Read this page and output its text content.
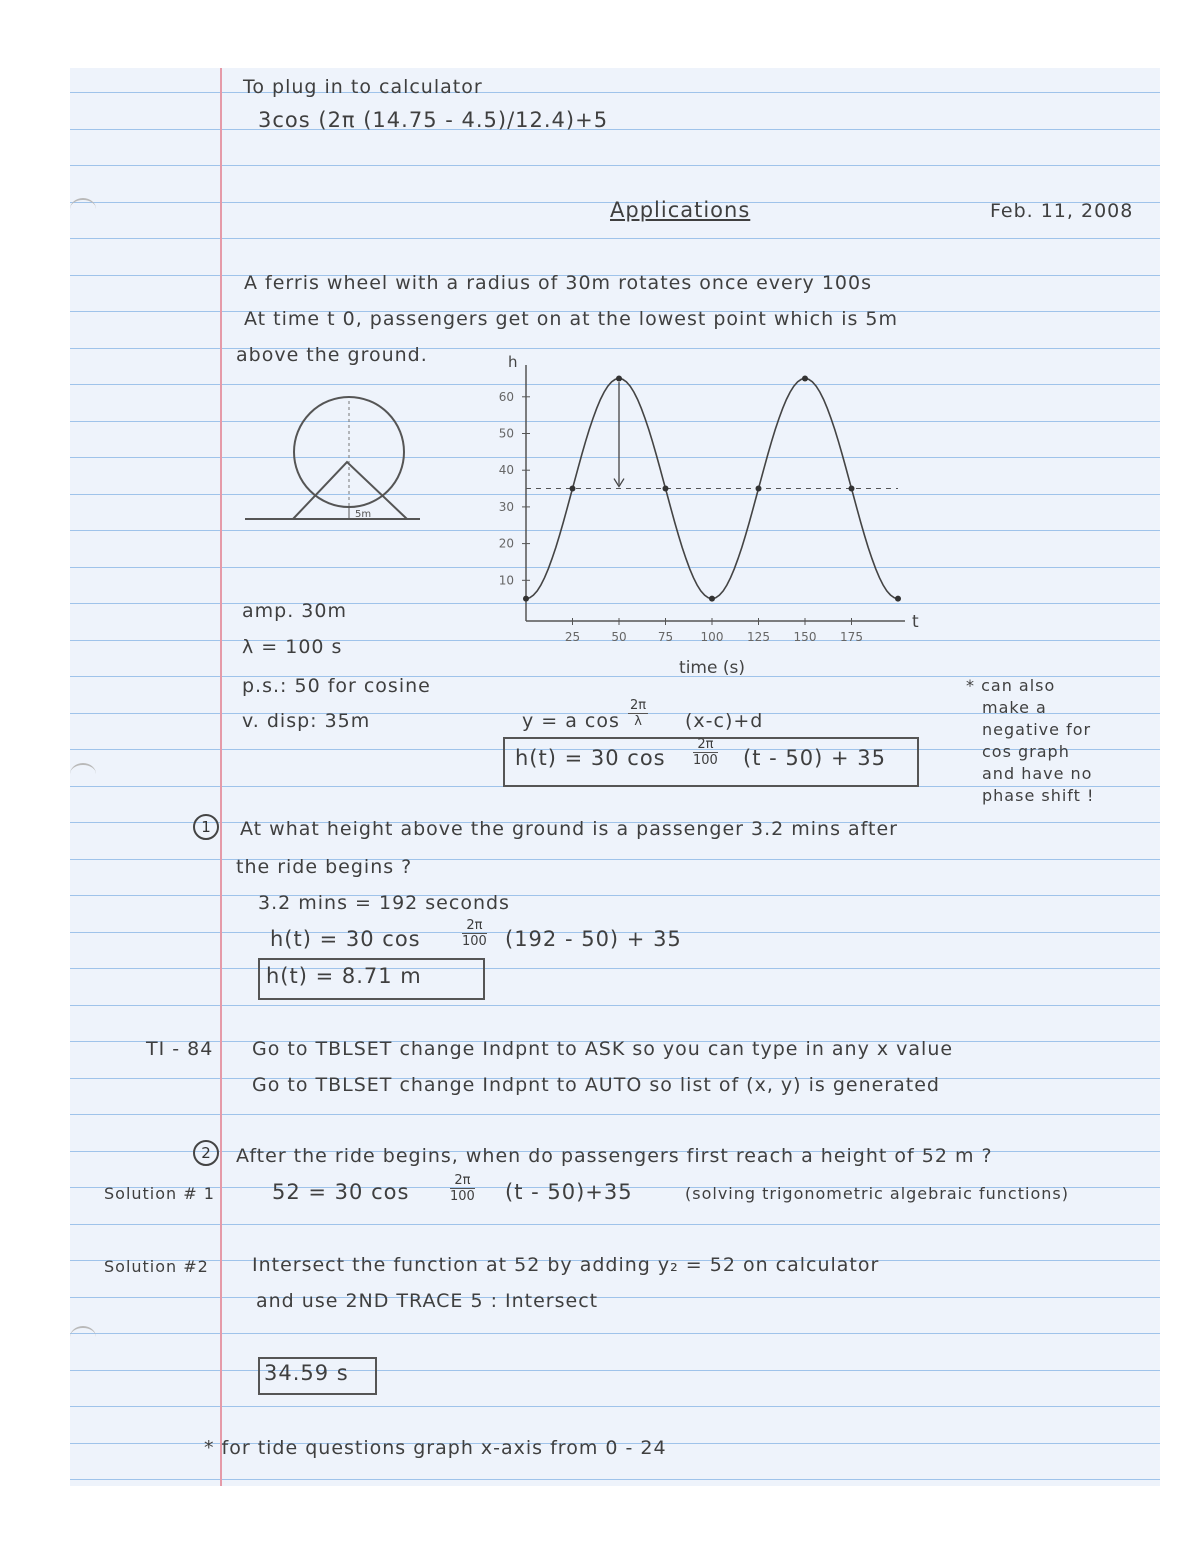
To plug in to calculator
3cos (2π (14.75 - 4.5)/12.4)+5
Applications	Feb. 11, 2008
A ferris wheel with a radius of 30m rotates once every 100s
At time t 0, passengers get on at the lowest point which is 5m
above the ground.
5m
10
20
30
40
50
60
25	50	75 100 125 150 175
h
t
time (s)
amp. 30m
λ = 100 s
p.s.: 50 for cosine
v. disp: 35m	y = a $\cos \frac{2\pi}{\lambda} (x-c)+d$
h(t) = 30 $\cos \frac{2\pi}{100} (t - 50) + 35$
* can also
make a
negative for
cos graph
and have no
phase shift !
1	At what height above the ground is a passenger 3.2 mins after
the ride begins ?
3.2 mins = 192 seconds
h(t) = 30 cos	$\frac{2\pi}{100} (192 - 50) + 35$
h(t) = 8.71 m
TI - 84 Go to TBLSET change Indpnt to ASK so you can type in any x value
Go to TBLSET change Indpnt to AUTO so list of (x, y) is generated
2	After the ride begins, when do passengers first reach a height of 52 m ?
Solution # 1	52 = 30 cos	$\frac{2\pi}{100} (t - 50)+35$	(solving trigonometric algebraic functions)
Solution #2 Intersect the function at 52 by adding y₂ = 52 on calculator
and use 2ND TRACE 5 : Intersect
34.59 s
* for tide questions graph x-axis from 0 - 24
